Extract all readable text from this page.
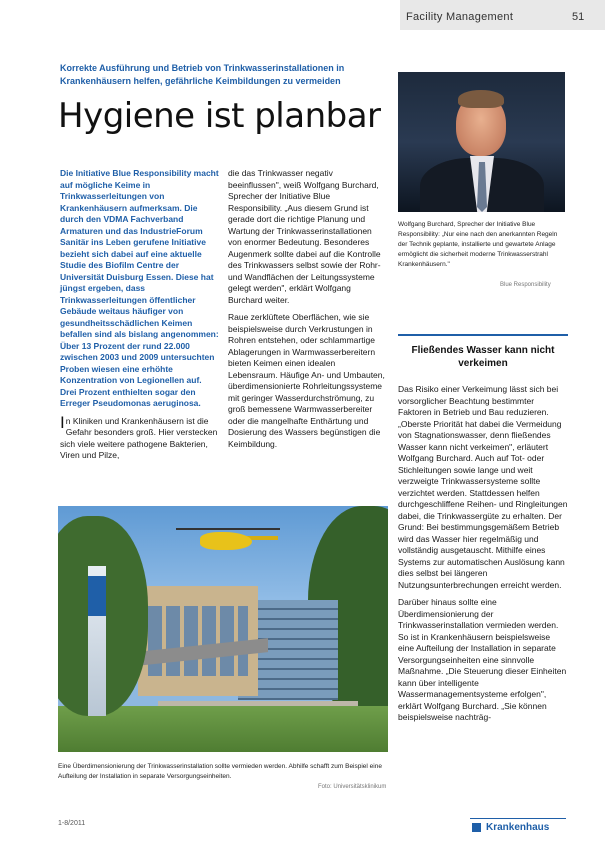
Facility Management	51
Korrekte Ausführung und Betrieb von Trinkwasserinstallationen in Krankenhäusern helfen, gefährliche Keimbildungen zu vermeiden
Hygiene ist planbar
Wolfgang Burchard, Sprecher der Initiative Blue Responsibility: „Nur eine nach den anerkannten Regeln der Technik geplante, installierte und gewartete Anlage ermöglicht die sicherheit moderne Trinkwasserstrahl Krankenhäusern."
Blue Responsibility

Die Initiative Blue Responsibility macht auf mögliche Keime in Trinkwasserleitungen von Krankenhäusern aufmerksam. Die durch den VDMA Fachverband Armaturen und das IndustrieForum Sanitär ins Leben gerufene Initiative bezieht sich dabei auf eine aktuelle Studie des Biofilm Centre der Universität Duisburg Essen. Diese hat jüngst ergeben, dass Trinkwasserleitungen öffentlicher Gebäude weitaus häufiger von gesundheitsschädlichen Keimen befallen sind als bislang angenommen: Über 13 Prozent der rund 22.000 zwischen 2003 und 2009 untersuchten Proben wiesen eine erhöhte Konzentration von Legionellen auf. Drei Prozent enthielten sogar den Erreger Pseudomonas aeruginosa.

In Kliniken und Krankenhäusern ist die Gefahr besonders groß. Hier verstecken sich viele weitere pathogene Bakterien, Viren und Pilze,

die das Trinkwasser negativ beeinflussen", weiß Wolfgang Burchard, Sprecher der Initiative Blue Responsibility. „Aus diesem Grund ist gerade dort die richtige Planung und Wartung der Trinkwasserinstallationen von enormer Bedeutung. Besonderes Augenmerk sollte dabei auf die Kontrolle des Trinkwassers selbst sowie der Rohr- und Wandflächen der Leitungssysteme gelegt werden", erklärt Wolfgang Burchard weiter.

Raue zerklüftete Oberflächen, wie sie beispielsweise durch Verkrustungen in Rohren entstehen, oder schlammartige Ablagerungen in Warmwasserbereitern bieten Keimen einen idealen Lebensraum. Häufige An- und Umbauten, überdimensionierte Rohrleitungssysteme mit geringer Wasserdurchströmung, zu groß bemessene Warmwasserbereiter oder die mangelhafte Enthärtung und Dosierung des Wassers begünstigen die Keimbildung.

Fließendes Wasser kann nicht verkeimen

Das Risiko einer Verkeimung lässt sich bei vorsorglicher Beachtung bestimmter Faktoren in Betrieb und Bau reduzieren. „Oberste Priorität hat dabei die Vermeidung von Stagnationswasser, denn fließendes Wasser kann nicht verkeimen", erläutert Wolfgang Burchard. Auch auf Tot- oder Stichleitungen sowie lange und weit verzweigte Trinkwassersysteme sollte verzichtet werden. Stattdessen helfen durchgeschliffene Reihen- und Ringleitungen dabei, die Trinkwassergüte zu erhalten. Der Grund: Bei bestimmungsgemäßem Betrieb wird das Wasser hier regelmäßig und vollständig ausgetauscht. Mithilfe eines Systems zur automatischen Auslösung kann dies selbst bei längeren Nutzungsunterbrechungen erreicht werden.

Darüber hinaus sollte eine Überdimensionierung der Trinkwasserinstallation vermieden werden. So ist in Krankenhäusern beispielsweise eine Aufteilung der Installation in separate Versorgungseinheiten eine sinnvolle Maßnahme. „Die Steuerung dieser Einheiten kann über intelligente Wassermanagementsysteme erfolgen", erklärt Wolfgang Burchard. „Sie können beispielsweise nachträg-

Eine Überdimensionierung der Trinkwasserinstallation sollte vermieden werden. Abhilfe schafft zum Beispiel eine Aufteilung der Installation in separate Versorgungseinheiten.
Foto: Universitätsklinikum
1-8/2011	Krankenhaus
